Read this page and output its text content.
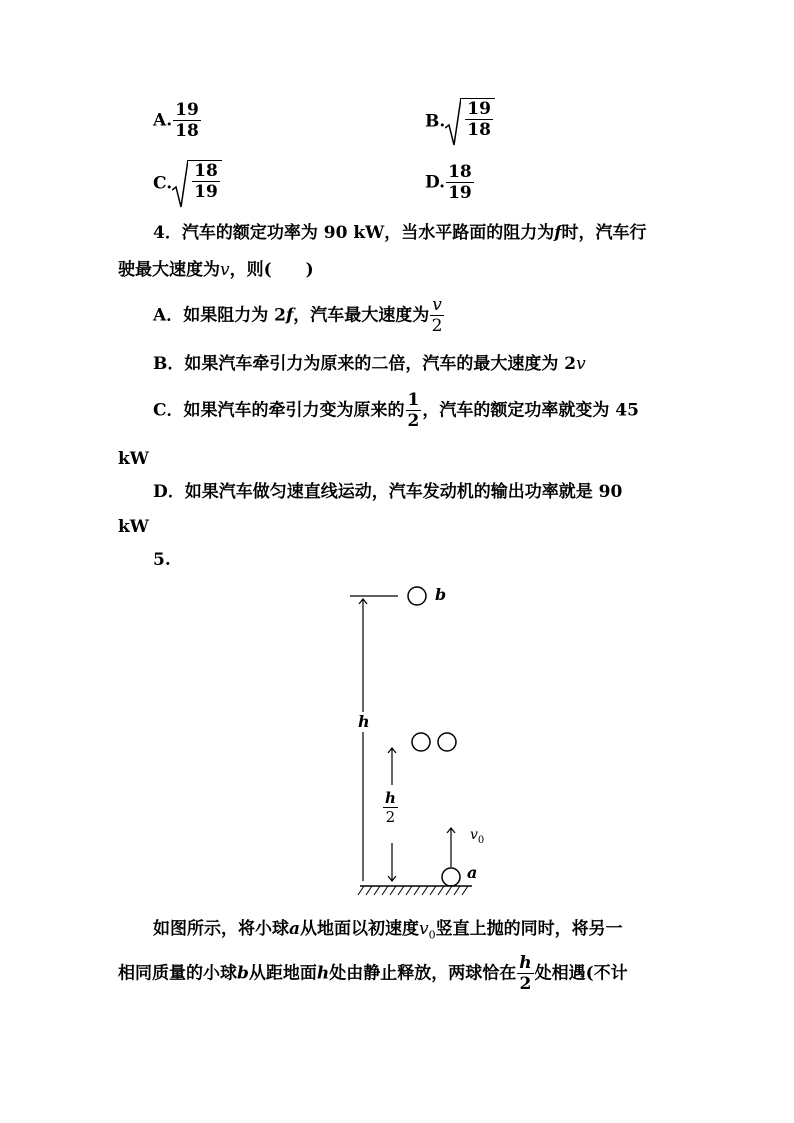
A. $\frac{19}{18}$	B. $\frac{19}{18}$
C. $\frac{18}{19}$	D. $\frac{18}{19}$
4．汽车的额定功率为 90 kW，当水平路面的阻力为f时，汽车行
驶最大速度为v，则(　　)
A．如果阻力为 2f，汽车最大速度为 $\frac{v}{2}$
B．如果汽车牵引力为原来的二倍，汽车的最大速度为 2v
C．如果汽车的牵引力变为原来的 $\frac{1}{2}$ ，汽车的额定功率就变为 45
kW
D．如果汽车做匀速直线运动，汽车发动机的输出功率就是 90
kW
5.
b
h
$\frac{h}{2}$
$v_0$
a
如图所示，将小球a从地面以初速度$v_0$竖直上抛的同时，将另一
相同质量的小球b从距地面h处由静止释放，两球恰在 $\frac{h}{2}$ 处相遇(不计
